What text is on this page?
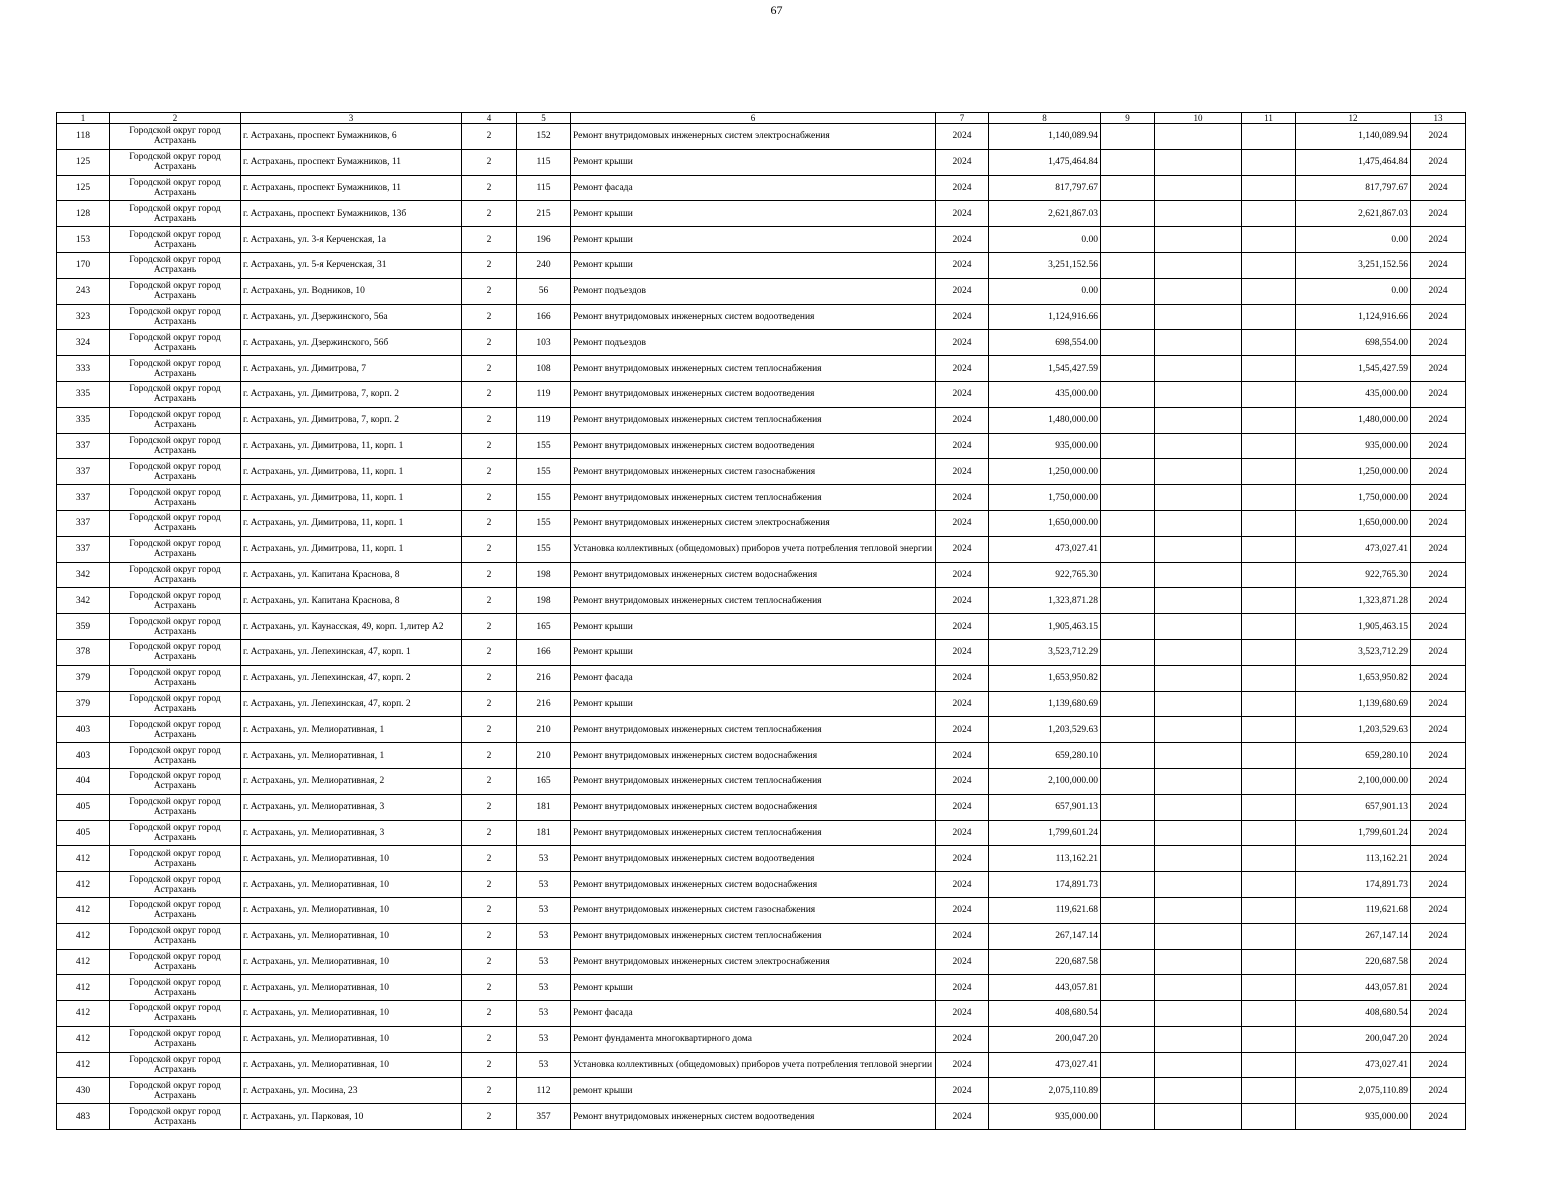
67
1	2	3	4	5	6	7	8	9	10	11	12	13
118	Городской округ город Астрахань	г. Астрахань, проспект Бумажников, 6	2	152	Ремонт внутридомовых инженерных систем электроснабжения	2024	1,140,089.94				1,140,089.94	2024
125	Городской округ город Астрахань	г. Астрахань, проспект Бумажников, 11	2	115	Ремонт крыши	2024	1,475,464.84				1,475,464.84	2024
125	Городской округ город Астрахань	г. Астрахань, проспект Бумажников, 11	2	115	Ремонт фасада	2024	817,797.67				817,797.67	2024
128	Городской округ город Астрахань	г. Астрахань, проспект Бумажников, 13б	2	215	Ремонт крыши	2024	2,621,867.03				2,621,867.03	2024
153	Городской округ город Астрахань	г. Астрахань, ул. 3-я Керченская, 1а	2	196	Ремонт крыши	2024	0.00				0.00	2024
170	Городской округ город Астрахань	г. Астрахань, ул. 5-я Керченская, 31	2	240	Ремонт крыши	2024	3,251,152.56				3,251,152.56	2024
243	Городской округ город Астрахань	г. Астрахань, ул. Водников, 10	2	56	Ремонт подъездов	2024	0.00				0.00	2024
323	Городской округ город Астрахань	г. Астрахань, ул. Дзержинского, 56а	2	166	Ремонт внутридомовых инженерных систем водоотведения	2024	1,124,916.66				1,124,916.66	2024
324	Городской округ город Астрахань	г. Астрахань, ул. Дзержинского, 56б	2	103	Ремонт подъездов	2024	698,554.00				698,554.00	2024
333	Городской округ город Астрахань	г. Астрахань, ул. Димитрова, 7	2	108	Ремонт внутридомовых инженерных систем теплоснабжения	2024	1,545,427.59				1,545,427.59	2024
335	Городской округ город Астрахань	г. Астрахань, ул. Димитрова, 7, корп. 2	2	119	Ремонт внутридомовых инженерных систем водоотведения	2024	435,000.00				435,000.00	2024
335	Городской округ город Астрахань	г. Астрахань, ул. Димитрова, 7, корп. 2	2	119	Ремонт внутридомовых инженерных систем теплоснабжения	2024	1,480,000.00				1,480,000.00	2024
337	Городской округ город Астрахань	г. Астрахань, ул. Димитрова, 11, корп. 1	2	155	Ремонт внутридомовых инженерных систем водоотведения	2024	935,000.00				935,000.00	2024
337	Городской округ город Астрахань	г. Астрахань, ул. Димитрова, 11, корп. 1	2	155	Ремонт внутридомовых инженерных систем газоснабжения	2024	1,250,000.00				1,250,000.00	2024
337	Городской округ город Астрахань	г. Астрахань, ул. Димитрова, 11, корп. 1	2	155	Ремонт внутридомовых инженерных систем теплоснабжения	2024	1,750,000.00				1,750,000.00	2024
337	Городской округ город Астрахань	г. Астрахань, ул. Димитрова, 11, корп. 1	2	155	Ремонт внутридомовых инженерных систем электроснабжения	2024	1,650,000.00				1,650,000.00	2024
337	Городской округ город Астрахань	г. Астрахань, ул. Димитрова, 11, корп. 1	2	155	Установка коллективных (общедомовых) приборов учета потребления тепловой энергии	2024	473,027.41				473,027.41	2024
342	Городской округ город Астрахань	г. Астрахань, ул. Капитана Краснова, 8	2	198	Ремонт внутридомовых инженерных систем водоснабжения	2024	922,765.30				922,765.30	2024
342	Городской округ город Астрахань	г. Астрахань, ул. Капитана Краснова, 8	2	198	Ремонт внутридомовых инженерных систем теплоснабжения	2024	1,323,871.28				1,323,871.28	2024
359	Городской округ город Астрахань	г. Астрахань, ул. Каунасская, 49, корп. 1,литер А2	2	165	Ремонт крыши	2024	1,905,463.15				1,905,463.15	2024
378	Городской округ город Астрахань	г. Астрахань, ул. Лепехинская, 47, корп. 1	2	166	Ремонт крыши	2024	3,523,712.29				3,523,712.29	2024
379	Городской округ город Астрахань	г. Астрахань, ул. Лепехинская, 47, корп. 2	2	216	Ремонт фасада	2024	1,653,950.82				1,653,950.82	2024
379	Городской округ город Астрахань	г. Астрахань, ул. Лепехинская, 47, корп. 2	2	216	Ремонт крыши	2024	1,139,680.69				1,139,680.69	2024
403	Городской округ город Астрахань	г. Астрахань, ул. Мелиоративная, 1	2	210	Ремонт внутридомовых инженерных систем теплоснабжения	2024	1,203,529.63				1,203,529.63	2024
403	Городской округ город Астрахань	г. Астрахань, ул. Мелиоративная, 1	2	210	Ремонт внутридомовых инженерных систем водоснабжения	2024	659,280.10				659,280.10	2024
404	Городской округ город Астрахань	г. Астрахань, ул. Мелиоративная, 2	2	165	Ремонт внутридомовых инженерных систем теплоснабжения	2024	2,100,000.00				2,100,000.00	2024
405	Городской округ город Астрахань	г. Астрахань, ул. Мелиоративная, 3	2	181	Ремонт внутридомовых инженерных систем водоснабжения	2024	657,901.13				657,901.13	2024
405	Городской округ город Астрахань	г. Астрахань, ул. Мелиоративная, 3	2	181	Ремонт внутридомовых инженерных систем теплоснабжения	2024	1,799,601.24				1,799,601.24	2024
412	Городской округ город Астрахань	г. Астрахань, ул. Мелиоративная, 10	2	53	Ремонт внутридомовых инженерных систем водоотведения	2024	113,162.21				113,162.21	2024
412	Городской округ город Астрахань	г. Астрахань, ул. Мелиоративная, 10	2	53	Ремонт внутридомовых инженерных систем водоснабжения	2024	174,891.73				174,891.73	2024
412	Городской округ город Астрахань	г. Астрахань, ул. Мелиоративная, 10	2	53	Ремонт внутридомовых инженерных систем газоснабжения	2024	119,621.68				119,621.68	2024
412	Городской округ город Астрахань	г. Астрахань, ул. Мелиоративная, 10	2	53	Ремонт внутридомовых инженерных систем теплоснабжения	2024	267,147.14				267,147.14	2024
412	Городской округ город Астрахань	г. Астрахань, ул. Мелиоративная, 10	2	53	Ремонт внутридомовых инженерных систем электроснабжения	2024	220,687.58				220,687.58	2024
412	Городской округ город Астрахань	г. Астрахань, ул. Мелиоративная, 10	2	53	Ремонт крыши	2024	443,057.81				443,057.81	2024
412	Городской округ город Астрахань	г. Астрахань, ул. Мелиоративная, 10	2	53	Ремонт фасада	2024	408,680.54				408,680.54	2024
412	Городской округ город Астрахань	г. Астрахань, ул. Мелиоративная, 10	2	53	Ремонт фундамента многоквартирного дома	2024	200,047.20				200,047.20	2024
412	Городской округ город Астрахань	г. Астрахань, ул. Мелиоративная, 10	2	53	Установка коллективных (общедомовых) приборов учета потребления тепловой энергии	2024	473,027.41				473,027.41	2024
430	Городской округ город Астрахань	г. Астрахань, ул. Мосина, 23	2	112	ремонт крыши	2024	2,075,110.89				2,075,110.89	2024
483	Городской округ город Астрахань	г. Астрахань, ул. Парковая, 10	2	357	Ремонт внутридомовых инженерных систем водоотведения	2024	935,000.00				935,000.00	2024
